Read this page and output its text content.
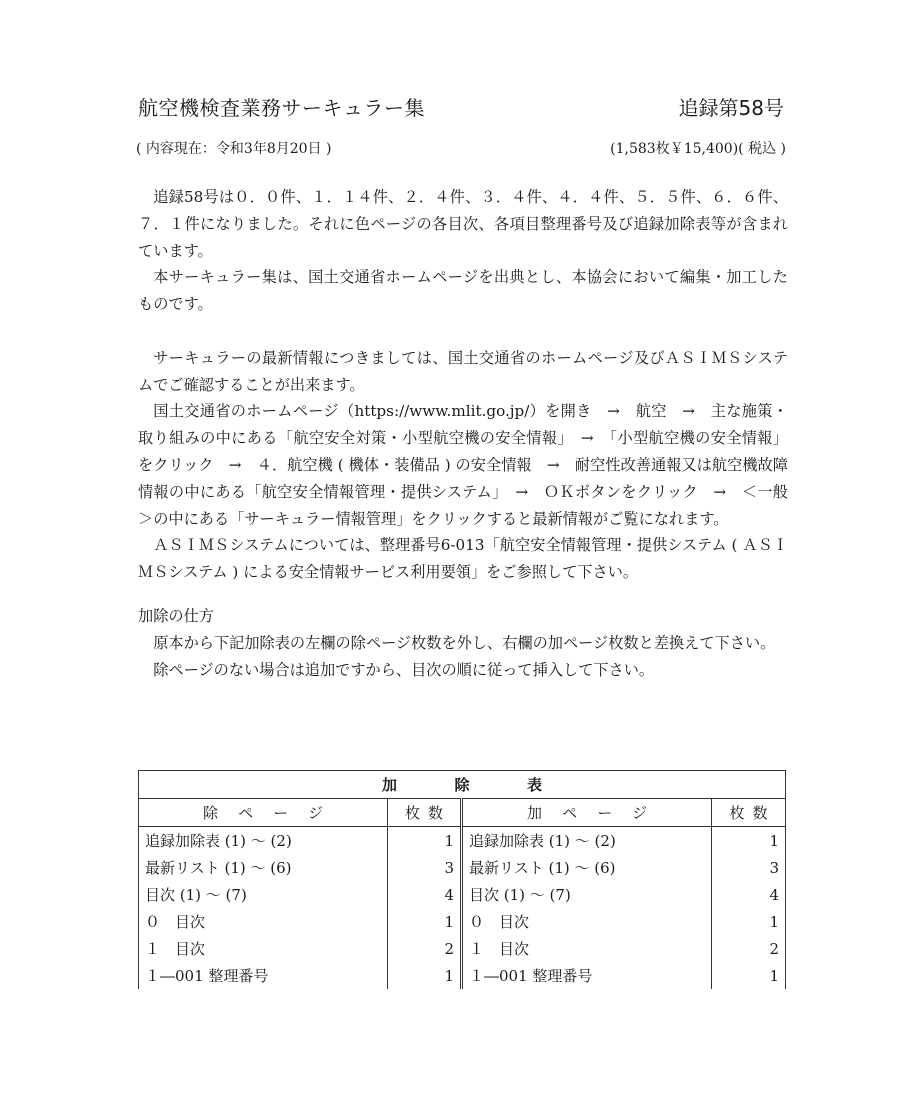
航空機検査業務サーキュラー集	追録第58号
( 内容現在：令和3年8月20日 )	(1,583枚￥15,400)( 税込 )

追録58号は０．０件、１．１４件、２．４件、３．４件、４．４件、５．５件、６．６件、７．１件になりました。それに色ページの各目次、各項目整理番号及び追録加除表等が含まれています。

本サーキュラー集は、国土交通省ホームページを出典とし、本協会において編集・加工したものです。

サーキュラーの最新情報につきましては、国土交通省のホームページ及びＡＳＩＭＳシステムでご確認することが出来ます。

国土交通省のホームページ（https://www.mlit.go.jp/）を開き　→　航空　→　主な施策・取り組みの中にある「航空安全対策・小型航空機の安全情報」　→　「小型航空機の安全情報」をクリック　→　４．航空機 ( 機体・装備品 ) の安全情報　→　耐空性改善通報又は航空機故障情報の中にある「航空安全情報管理・提供システム」　→　ＯＫボタンをクリック　→　＜一般＞の中にある「サーキュラー情報管理」をクリックすると最新情報がご覧になれます。

ＡＳＩＭＳシステムについては、整理番号6-013「航空安全情報管理・提供システム ( ＡＳＩＭＳシステム ) による安全情報サービス利用要領」をご参照して下さい。

加除の仕方

原本から下記加除表の左欄の除ページ枚数を外し、右欄の加ページ枚数と差換えて下さい。

除ページのない場合は追加ですから、目次の順に従って挿入して下さい。

加除表			
除ページ	枚数	加ページ	枚数
追録加除表 (1) ～ (2)	1	追録加除表 (1) ～ (2)	1
最新リスト (1) ～ (6)	3	最新リスト (1) ～ (6)	3
目次 (1) ～ (7)	4	目次 (1) ～ (7)	4
０　目次	1	０　目次	1
１　目次	2	１　目次	2
１―001 整理番号	1	１―001 整理番号	1
